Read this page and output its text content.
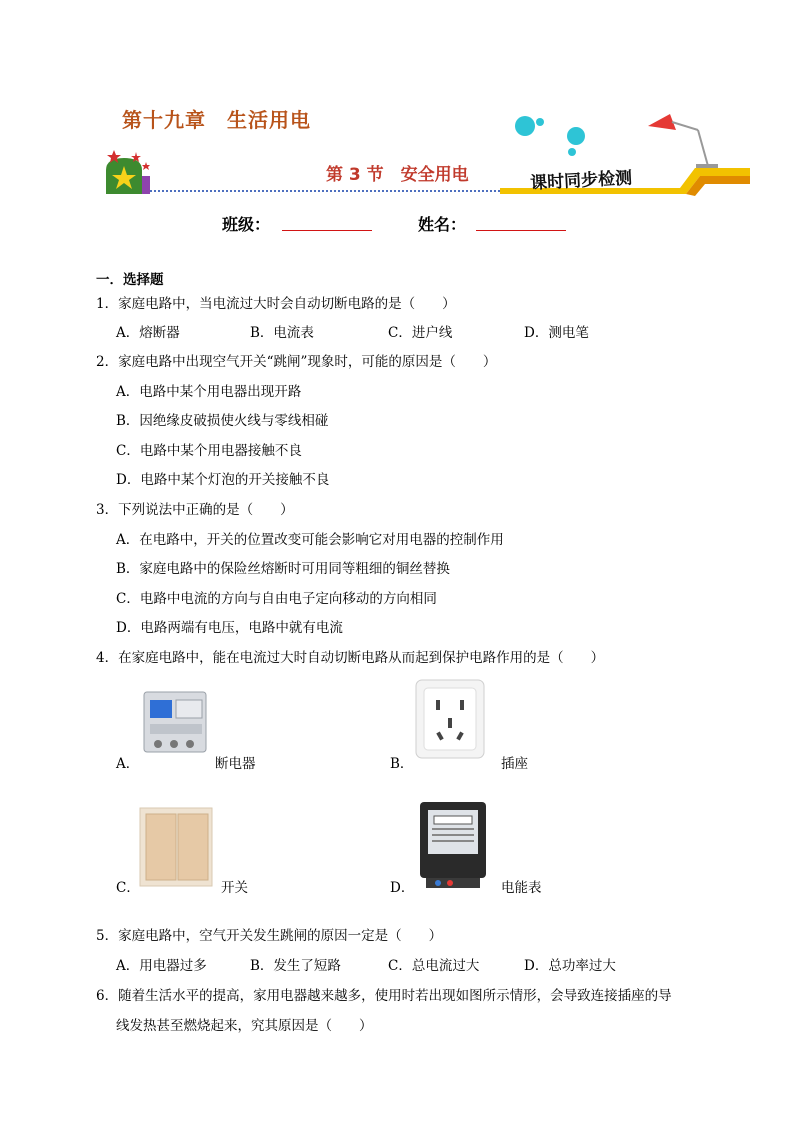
第十九章　生活用电
第 3 节　安全用电	课时同步检测
班级：	姓名：
一．选择题
1．家庭电路中，当电流过大时会自动切断电路的是（　　）
A．熔断器	B．电流表	C．进户线	D．测电笔
2．家庭电路中出现空气开关“跳闸”现象时，可能的原因是（　　）
A．电路中某个用电器出现开路
B．因绝缘皮破损使火线与零线相碰
C．电路中某个用电器接触不良
D．电路中某个灯泡的开关接触不良
3．下列说法中正确的是（　　）
A．在电路中，开关的位置改变可能会影响它对用电器的控制作用
B．家庭电路中的保险丝熔断时可用同等粗细的铜丝替换
C．电路中电流的方向与自由电子定向移动的方向相同
D．电路两端有电压，电路中就有电流
4．在家庭电路中，能在电流过大时自动切断电路从而起到保护电路作用的是（　　）
A．	断电器	B．	插座
C．	开关	D．	电能表
5．家庭电路中，空气开关发生跳闸的原因一定是（　　）
A．用电器过多	B．发生了短路	C．总电流过大	D．总功率过大
6．随着生活水平的提高，家用电器越来越多，使用时若出现如图所示情形，会导致连接插座的导
线发热甚至燃烧起来，究其原因是（　　）
